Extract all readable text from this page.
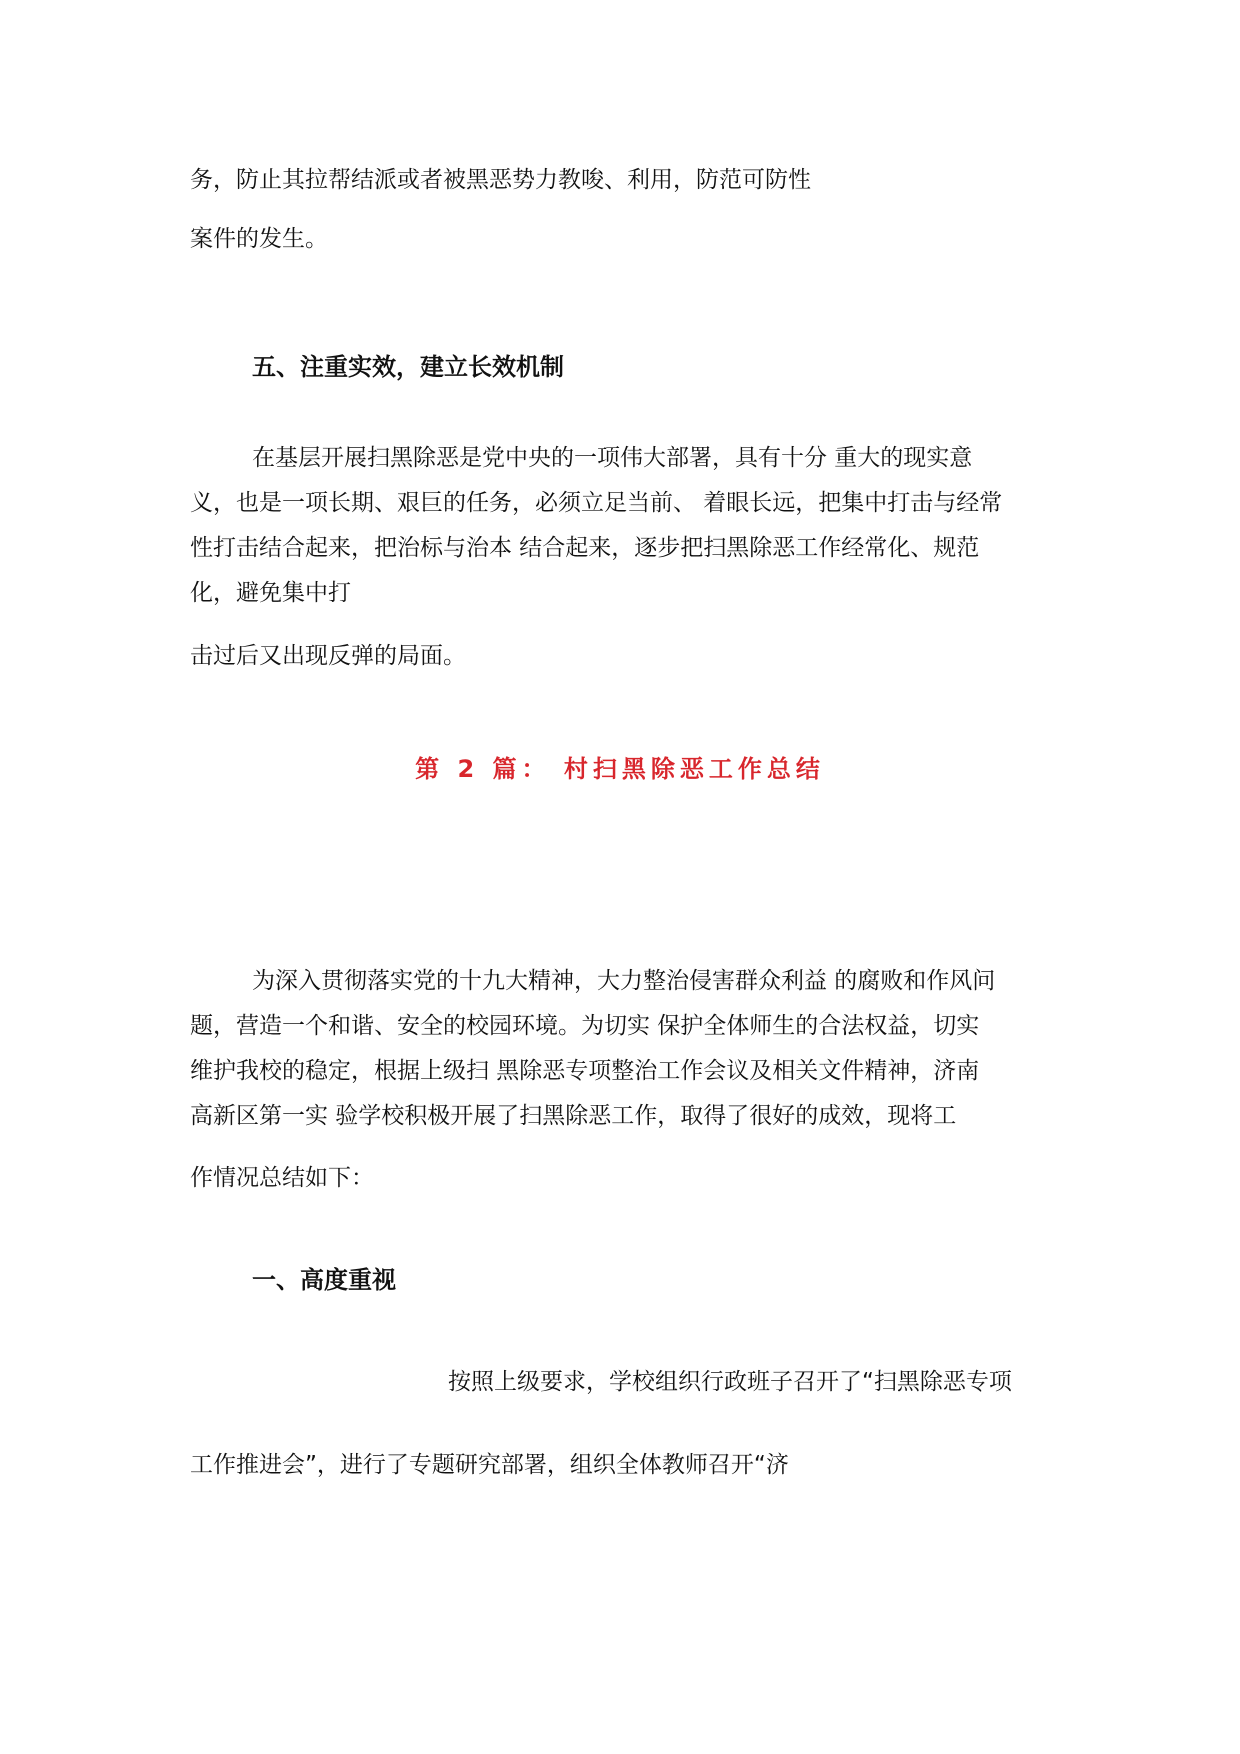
务，防止其拉帮结派或者被黑恶势力教唆、利用，防范可防性
案件的发生。
五、注重实效，建立长效机制
在基层开展扫黑除恶是党中央的一项伟大部署，具有十分 重大的现实意
义，也是一项长期、艰巨的任务，必须立足当前、 着眼长远，把集中打击与经常
性打击结合起来，把治标与治本 结合起来，逐步把扫黑除恶工作经常化、规范
化，避免集中打
击过后又出现反弹的局面。
第 2 篇： 村扫黑除恶工作总结
为深入贯彻落实党的十九大精神，大力整治侵害群众利益 的腐败和作风问
题，营造一个和谐、安全的校园环境。为切实 保护全体师生的合法权益，切实
维护我校的稳定，根据上级扫 黑除恶专项整治工作会议及相关文件精神，济南
高新区第一实 验学校积极开展了扫黑除恶工作，取得了很好的成效，现将工
作情况总结如下：
一、高度重视
按照上级要求，学校组织行政班子召开了“扫黑除恶专项
工作推进会”，进行了专题研究部署，组织全体教师召开“济
